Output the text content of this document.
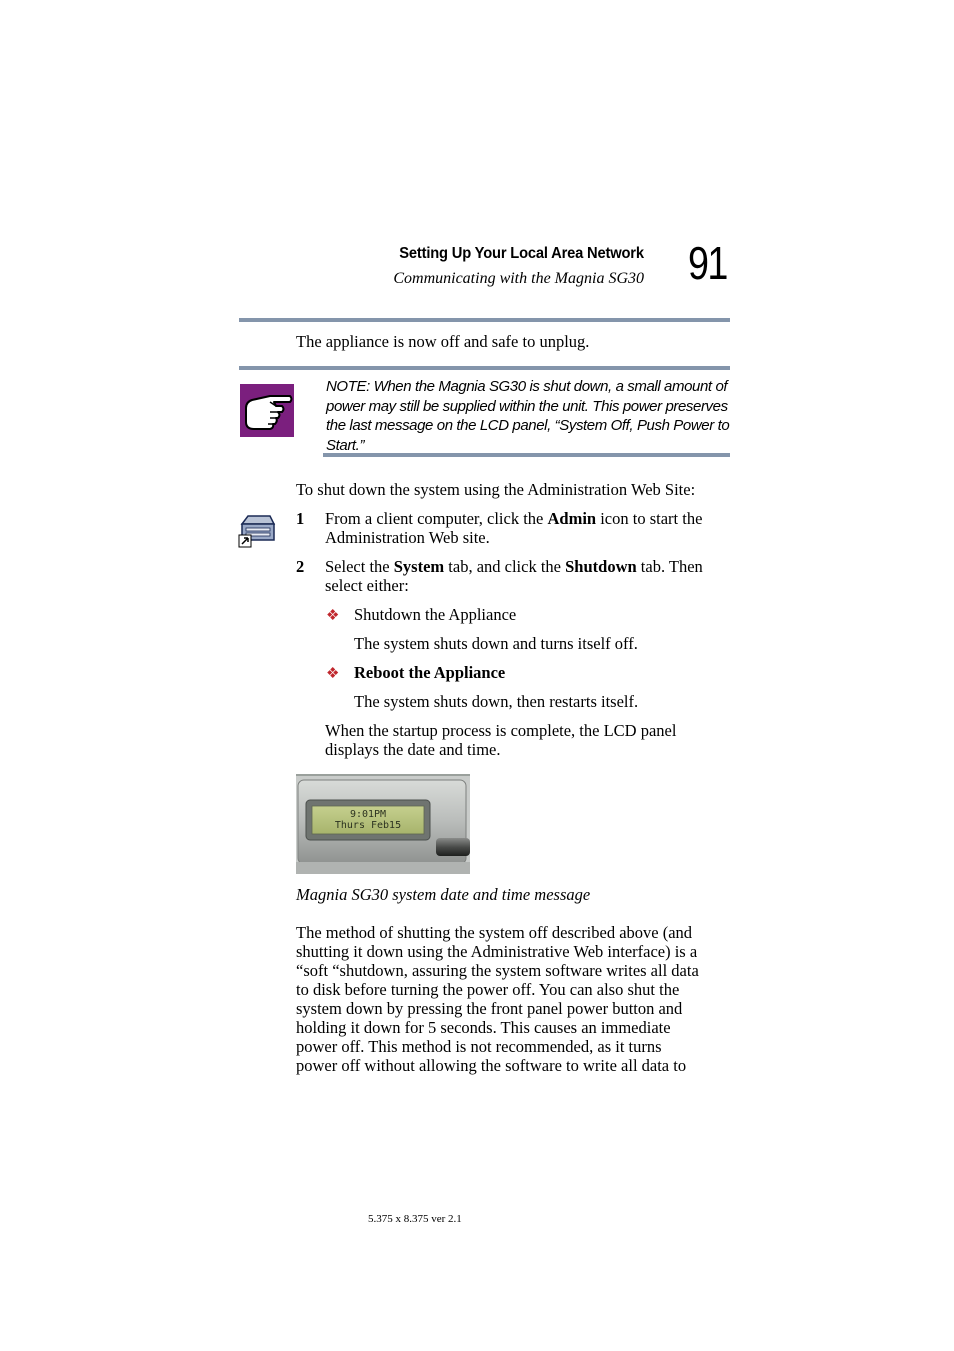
Setting Up Your Local Area Network
Communicating with the Magnia SG30 91
The appliance is now off and safe to unplug.
NOTE: When the Magnia SG30 is shut down, a small amount of power may still be supplied within the unit. This power preserves the last message on the LCD panel, “System Off, Push Power to Start.”
To shut down the system using the Administration Web Site:
1 From a client computer, click the Admin icon to start the Administration Web site.
2 Select the System tab, and click the Shutdown tab. Then select either:
❖ Shutdown the Appliance
The system shuts down and turns itself off.
❖ Reboot the Appliance
The system shuts down, then restarts itself.
When the startup process is complete, the LCD panel displays the date and time.
9:01PM
Thurs Feb15
Magnia SG30 system date and time message
The method of shutting the system off described above (and
shutting it down using the Administrative Web interface) is a
“soft “shutdown, assuring the system software writes all data
to disk before turning the power off. You can also shut the
system down by pressing the front panel power button and
holding it down for 5 seconds. This causes an immediate
power off. This method is not recommended, as it turns
power off without allowing the software to write all data to
5.375 x 8.375 ver 2.1
